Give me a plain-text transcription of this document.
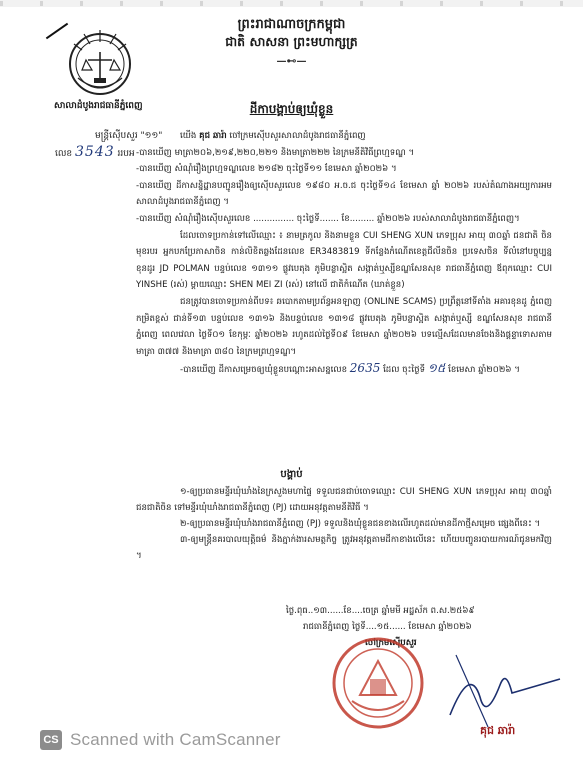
ព្រះរាជាណាចក្រកម្ពុជា
ជាតិ សាសនា ព្រះមហាក្សត្រ
—⊷—
សាលាដំបូងរាជធានីភ្នំពេញ
មន្ត្រីស៊ើបសួរ "១១"
លេខ 3543 ររបអ
ដីកាបង្គាប់ឲ្យឃុំខ្លួន

យើង គុជ ឆារ៉ា ចៅក្រមស៊ើបសួរសាលាដំបូងរាជធានីភ្នំពេញ

-បានឃើញ មាត្រា២០៦,២១៩,២២០,២២១ និងមាត្រា២២២ នៃក្រមនីតិវិធីព្រហ្មទណ្ឌ ។

-បានឃើញ សំណុំរឿងព្រហ្មទណ្ឌលេខ ២១៨២ ចុះថ្ងៃទី១១ ខែមេសា ឆ្នាំ២០២៦ ។

-បានឃើញ ដីកាសន្និដ្ឋានបញ្ជូនរឿងឲ្យស៊ើបសួរលេខ ១៩៨០ អ.ច.ជ ចុះថ្ងៃទី១៤ ខែមេសា ឆ្នាំ ២០២៦ របស់តំណាងអយ្យការអមសាលាដំបូងរាជធានីភ្នំពេញ ។

-បានឃើញ សំណុំរឿងស៊ើបសួរលេខ ............... ចុះថ្ងៃទី....... ខែ......... ឆ្នាំ២០២៦ របស់សាលាដំបូងរាជធានីភ្នំពេញ។

ដែលចោទប្រកាន់ទៅលើឈ្មោះ ៖ នាមត្រកូល និងនាមខ្លួន CUI SHENG XUN ភេទប្រុស អាយុ ៣០ឆ្នាំ ជនជាតិ ចិន មុខរបរ អ្នកបកប្រែភាសាចិន កាន់លិខិតឆ្លងដែនលេខ ER3483819 ទីកន្លែងកំណើតខេត្តជីលីនចិន ប្រទេសចិន ទីលំនៅបច្ចុប្បន្ន ខុនដូរ JD POLMAN បន្ទប់លេខ ១៣១១ ផ្លូវបេតុង ភូមិបន្លាស្អិត សង្កាត់ឬស្សីខណ្ឌសែនសុខ រាជធានីភ្នំពេញ ឪពុកឈ្មោះ CUI YINSHE (រស់) ម្ដាយឈ្មោះ SHEN MEI ZI (រស់) នៅលើ ជាតិកំណើត (ឃាត់ខ្លួន)

ជនត្រូវបានចោទប្រកាន់ពីបទ៖ ឆបោកតាមប្រព័ន្ធអនឡាញ (ONLINE SCAMS) ប្រព្រឹត្តនៅទីតាំង អគារខុនដូ ភ្នំពេញកម្រិតខ្ពស់ ជាន់ទី១៣ បន្ទប់លេខ ១៣១៦ និងបន្ទប់លេខ ១៣១៨ ផ្លូវបេតុង ភូមិបន្លាស្អិត សង្កាត់ឬស្សី ខណ្ឌសែនសុខ រាជធានីភ្នំពេញ ពេលវេលា ថ្ងៃទី០១ ខែកុម្ភៈ ឆ្នាំ២០២៦ រហូតដល់ថ្ងៃទី០៩ ខែមេសា ឆ្នាំ២០២៦ បទល្មើសដែលមានចែងនិងផ្ដន្ទាទោសតាមមាត្រា ៣៧៧ និងមាត្រា ៣៨០ នៃក្រមព្រហ្មទណ្ឌ។

-បានឃើញ ដីកាសម្រេចឲ្យឃុំខ្លួនបណ្ដោះអាសន្នលេខ 2635 ដែល ចុះថ្ងៃទី ១៥ ខែមេសា ឆ្នាំ២០២៦ ។

បង្គាប់

១-ឲ្យប្រធានមន្ទីរឃុំឃាំងនៃក្រសួងមហាផ្ទៃ ទទួលជនជាប់ចោទឈ្មោះ CUI SHENG XUN ភេទប្រុស អាយុ ៣០ឆ្នាំ ជនជាតិចិន ទៅមន្ទីរឃុំឃាំងរាជធានីភ្នំពេញ (PJ) ដោយអនុវត្តតាមនីតិវិធី ។

២-ឲ្យប្រធានមន្ទីរឃុំឃាំងរាជធានីភ្នំពេញ (PJ) ទទួលនិងឃុំខ្លួនជនខាងលើរហូតដល់មានដីកាថ្មីសម្រេច ផ្សេងពីនេះ ។

៣-ឲ្យមន្ត្រីនគរបាលយុត្តិធម៌ និងភ្នាក់ងារសមត្ថកិច្ច ត្រូវអនុវត្តតាមដីកាខាងលើនេះ ហើយបញ្ជូនរបាយការណ៍ជូនមកវិញ ។

ថ្ងៃ.ពុធ..១៣......ខែ....ចេត្រ ឆ្នាំមមី អដ្ឋស័ក ព.ស.២៥៦៩
រាជធានីភ្នំពេញ ថ្ងៃទី....១៥...... ខែមេសា ឆ្នាំ២០២៦
ចៅក្រមស៊ើបសួរ
គុជ ឆារ៉ា
CS Scanned with CamScanner
